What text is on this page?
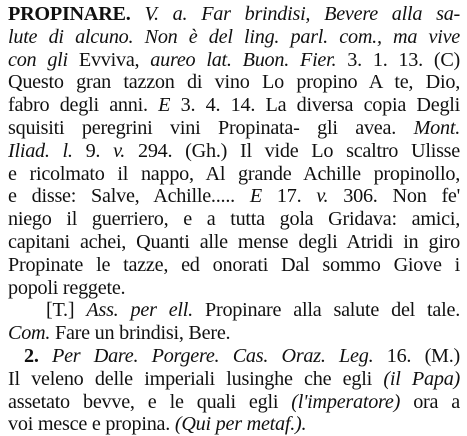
PROPINARE. V. a. Far brindisi, Bevere alla sa-
lute di alcuno. Non è del ling. parl. com., ma vive
con gli Evviva, aureo lat. Buon. Fier. 3. 1. 13. (C)
Questo gran tazzon di vino Lo propino A te, Dio,
fabro degli anni. E 3. 4. 14. La diversa copia Degli
squisiti peregrini vini Propinata- gli avea. Mont.
Iliad. l. 9. v. 294. (Gh.) Il vide Lo scaltro Ulisse
e ricolmato il nappo, Al grande Achille propinollo,
e disse: Salve, Achille..... E 17. v. 306. Non fe'
niego il guerriero, e a tutta gola Gridava: amici,
capitani achei, Quanti alle mense degli Atridi in giro
Propinate le tazze, ed onorati Dal sommo Giove i
popoli reggete.
[T.] Ass. per ell. Propinare alla salute del tale.
Com. Fare un brindisi, Bere.
2. Per Dare. Porgere. Cas. Oraz. Leg. 16. (M.)
Il veleno delle imperiali lusinghe che egli (il Papa)
assetato bevve, e le quali egli (l'imperatore) ora a
voi mesce e propina. (Qui per metaf.).
